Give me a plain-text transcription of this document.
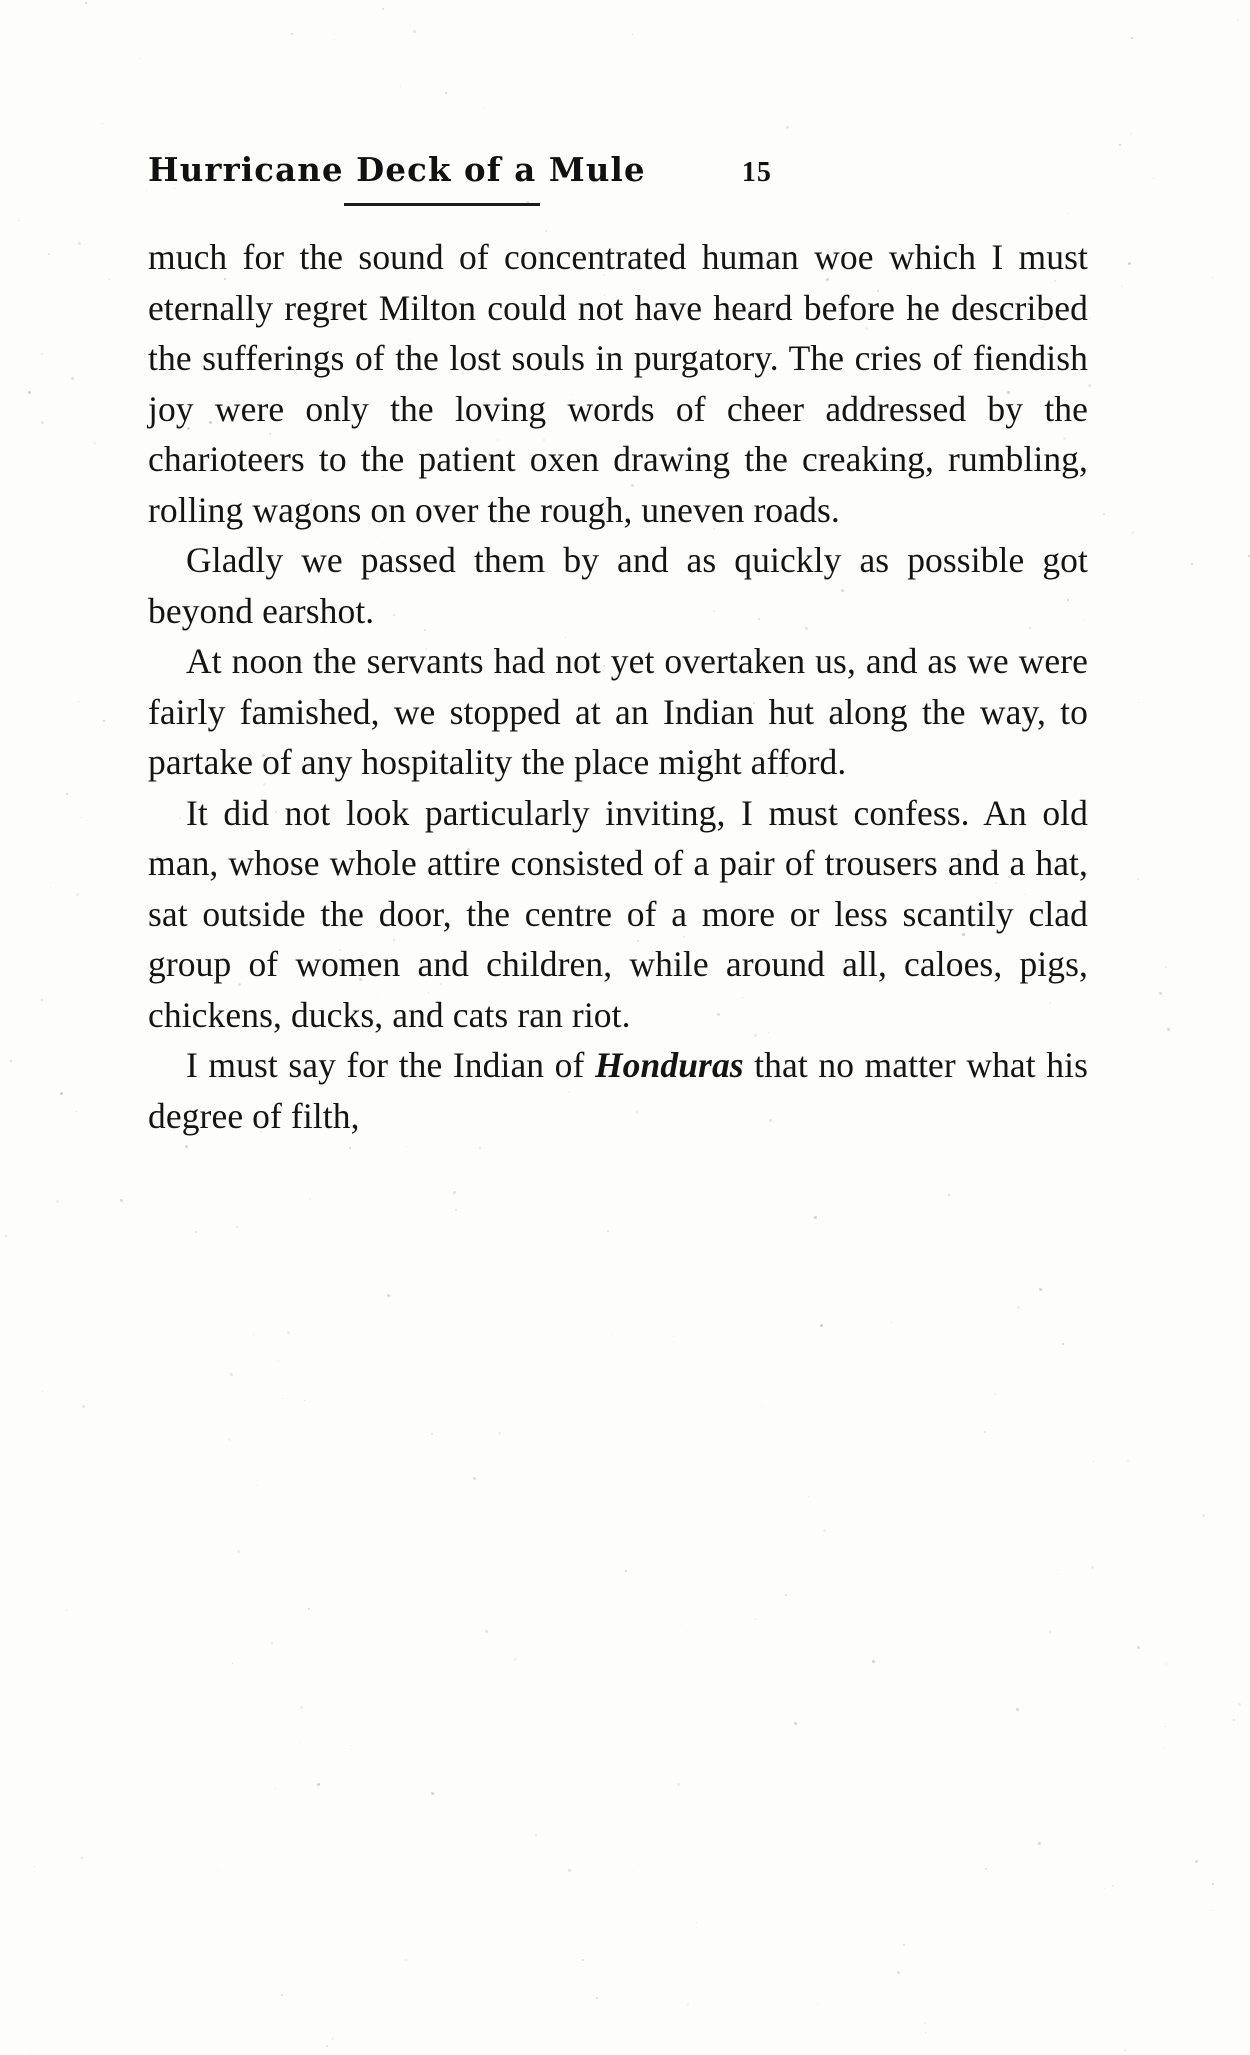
Hurricane Deck of a Mule	15

much for the sound of concentrated human woe which I must eternally regret Milton could not have heard before he described the sufferings of the lost souls in purgatory. The cries of fiendish joy were only the loving words of cheer addressed by the charioteers to the patient oxen drawing the creaking, rumbling, rolling wagons on over the rough, uneven roads.

Gladly we passed them by and as quickly as possible got beyond earshot.

At noon the servants had not yet overtaken us, and as we were fairly famished, we stopped at an Indian hut along the way, to partake of any hospitality the place might afford.

It did not look particularly inviting, I must confess. An old man, whose whole attire consisted of a pair of trousers and a hat, sat outside the door, the centre of a more or less scantily clad group of women and children, while around all, caloes, pigs, chickens, ducks, and cats ran riot.

I must say for the Indian of Honduras that no matter what his degree of filth,
